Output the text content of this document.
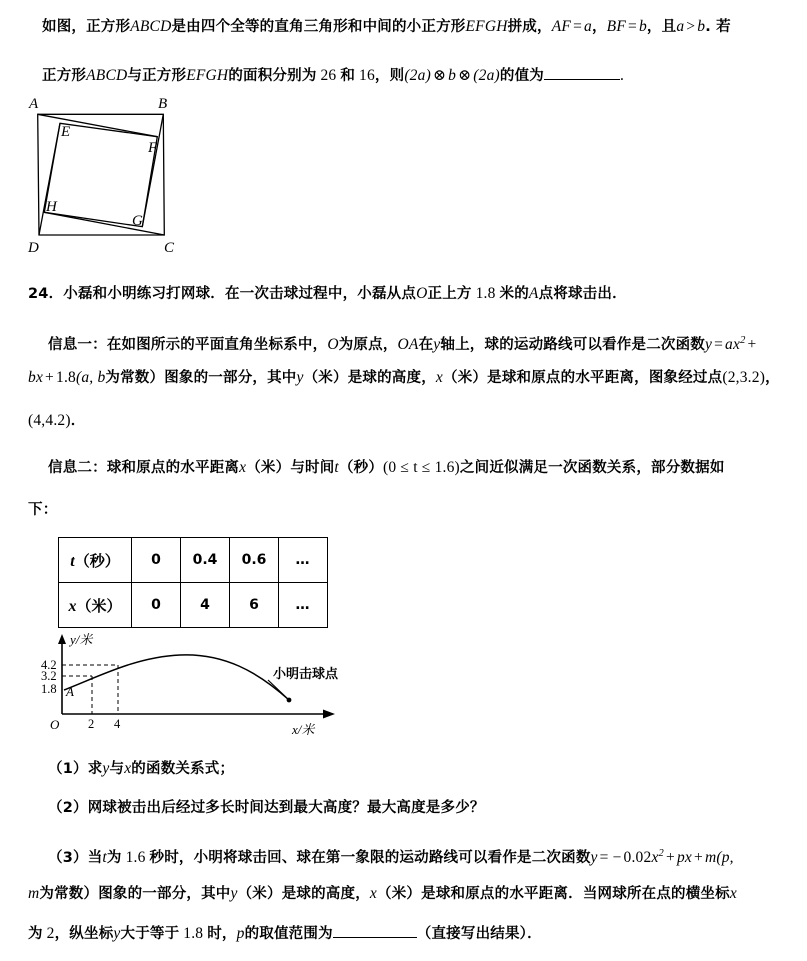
如图，正方形ABCD是由四个全等的直角三角形和中间的小正方形EFGH拼成，AF = a，BF = b，且a > b. 若
正方形ABCD与正方形EFGH的面积分别为 26 和 16，则(2a) ⊗ b ⊗ (2a)的值为	.
A	B
C
D
E
F
G
H
24．小磊和小明练习打网球．在一次击球过程中，小磊从点O正上方 1.8 米的A点将球击出．
信息一：在如图所示的平面直角坐标系中，O为原点，OA在y轴上，球的运动路线可以看作是二次函数$y = ax^2$ +
bx + 1.8(a, b为常数）图象的一部分，其中y（米）是球的高度，x（米）是球和原点的水平距离，图象经过点(2,3.2)，
(4,4.2)．
信息二：球和原点的水平距离x（米）与时间t（秒）(0 ≤ t ≤ 1.6)之间近似满足一次函数关系，部分数据如
下：
t（秒）	0	0.4	0.6	…
x（米）	0	4	6	…
4.2
3.2
1.8
2 4
O
A
y/米
x/米
小明击球点
（1）求y与x的函数关系式；
（2）网球被击出后经过多长时间达到最大高度？最大高度是多少？
（3）当t为 1.6 秒时，小明将球击回、球在第一象限的运动路线可以看作是二次函数y = − $0.02x^2$ + px + m(p,
m为常数）图象的一部分，其中y（米）是球的高度，x（米）是球和原点的水平距离．当网球所在点的横坐标x
为 2，纵坐标y大于等于 1.8 时，p的取值范围为	（直接写出结果）．
